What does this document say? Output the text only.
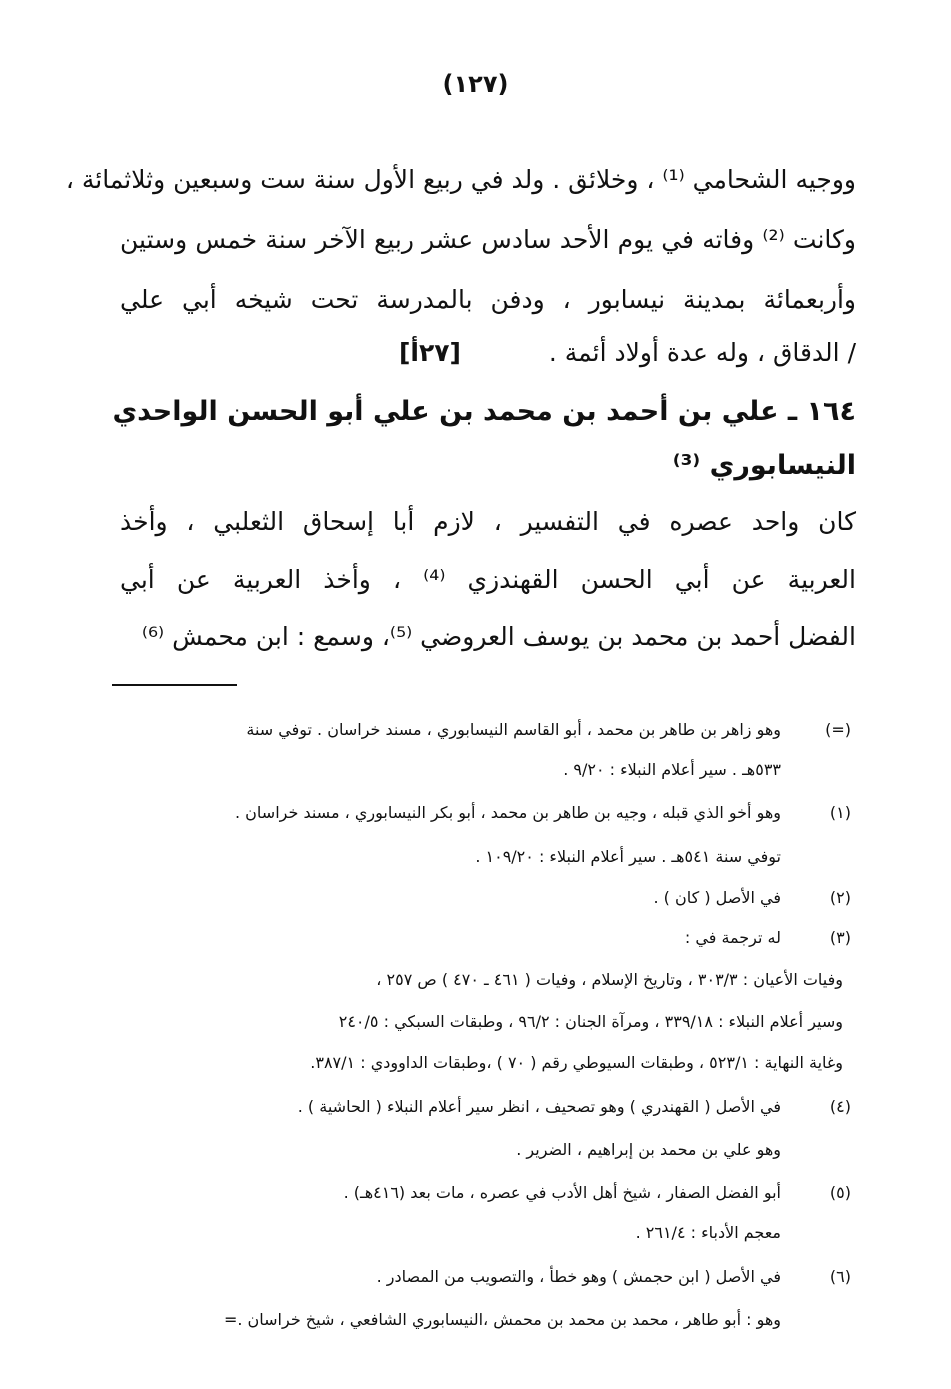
(١٢٧)
ووجيه الشحامي ⁽¹⁾ ، وخلائق . ولد في ربيع الأول سنة ست وسبعين وثلاثمائة ،
وكانت ⁽²⁾ وفاته في يوم الأحد سادس عشر ربيع الآخر سنة خمس وستين
وأربعمائة بمدينة نيسابور ، ودفن بالمدرسة تحت شيخه أبي علي
/ الدقاق ، وله عدة أولاد أئمة . [٢٧أ]
١٦٤ ـ علي بن أحمد بن محمد بن علي أبو الحسن الواحدي
النيسابوري ⁽³⁾
كان واحد عصره في التفسير ، لازم أبا إسحاق الثعلبي ، وأخذ
العربية عن أبي الحسن القهندزي ⁽⁴⁾ ، وأخذ العربية عن أبي
الفضل أحمد بن محمد بن يوسف العروضي ⁽⁵⁾، وسمع : ابن محمش ⁽⁶⁾
(=)وهو زاهر بن طاهر بن محمد ، أبو القاسم النيسابوري ، مسند خراسان . توفي سنة
٥٣٣هـ . سير أعلام النبلاء : ٩/٢٠ .
(١)وهو أخو الذي قبله ، وجيه بن طاهر بن محمد ، أبو بكر النيسابوري ، مسند خراسان .
توفي سنة ٥٤١هـ . سير أعلام النبلاء : ١٠٩/٢٠ .
(٢)في الأصل ( كان ) .
(٣)له ترجمة في :
وفيات الأعيان : ٣٠٣/٣ ، وتاريخ الإسلام ، وفيات ( ٤٦١ ـ ٤٧٠ ) ص ٢٥٧ ،
وسير أعلام النبلاء : ٣٣٩/١٨ ، ومرآة الجنان : ٩٦/٢ ، وطبقات السبكي : ٢٤٠/٥
وغاية النهاية : ٥٢٣/١ ، وطبقات السيوطي رقم ( ٧٠ ) ،وطبقات الداوودي : ٣٨٧/١.
(٤)في الأصل ( القهندري ) وهو تصحيف ، انظر سير أعلام النبلاء ( الحاشية ) .
وهو علي بن محمد بن إبراهيم ، الضرير .
(٥)أبو الفضل الصفار ، شيخ أهل الأدب في عصره ، مات بعد (٤١٦هـ) .
معجم الأدباء : ٢٦١/٤ .
(٦)في الأصل ( ابن حجمش ) وهو خطأ ، والتصويب من المصادر .
وهو : أبو طاهر ، محمد بن محمد بن محمش ،النيسابوري الشافعي ، شيخ خراسان .=
